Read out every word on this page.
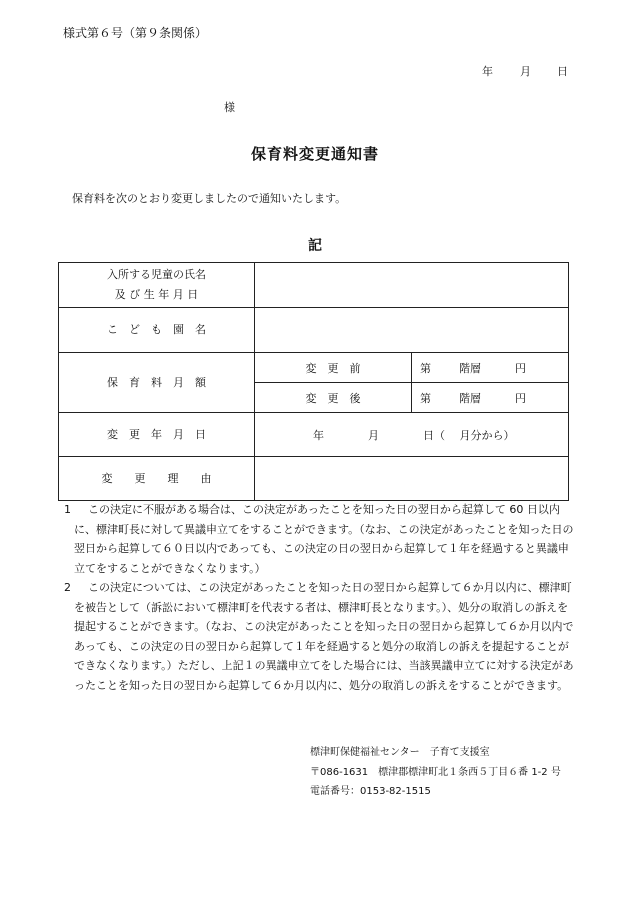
様式第６号（第９条関係）
年 月 日
様
保育料変更通知書
保育料を次のとおり変更しましたので通知いたします。
記
入所する児童の氏名
及 び 生 年 月 日		

こ　ど　も　園　名		
保　育　料　月　額	変　更　前	第 階層 円

	変　更　後	第 階層 円

変　更　年　月　日	年　　　　月　　　　日（　 月分から）	
変　　更　　理　　由		
1	この決定に不服がある場合は、この決定があったことを知った日の翌日から起算して 60 日以内に、標津町長に対して異議申立てをすることができます。（なお、この決定があったことを知った日の翌日から起算して６０日以内であっても、この決定の日の翌日から起算して１年を経過すると異議申立てをすることができなくなります。）
2	この決定については、この決定があったことを知った日の翌日から起算して６か月以内に、標津町を被告として（訴訟において標津町を代表する者は、標津町長となります。）、処分の取消しの訴えを提起することができます。（なお、この決定があったことを知った日の翌日から起算して６か月以内であっても、この決定の日の翌日から起算して１年を経過すると処分の取消しの訴えを提起することができなくなります。）ただし、上記１の異議申立てをした場合には、当該異議申立てに対する決定があったことを知った日の翌日から起算して６か月以内に、処分の取消しの訴えをすることができます。
標津町保健福祉センター　子育て支援室
〒086-1631　標津郡標津町北１条西５丁目６番 1-2 号
電話番号：0153-82-1515
